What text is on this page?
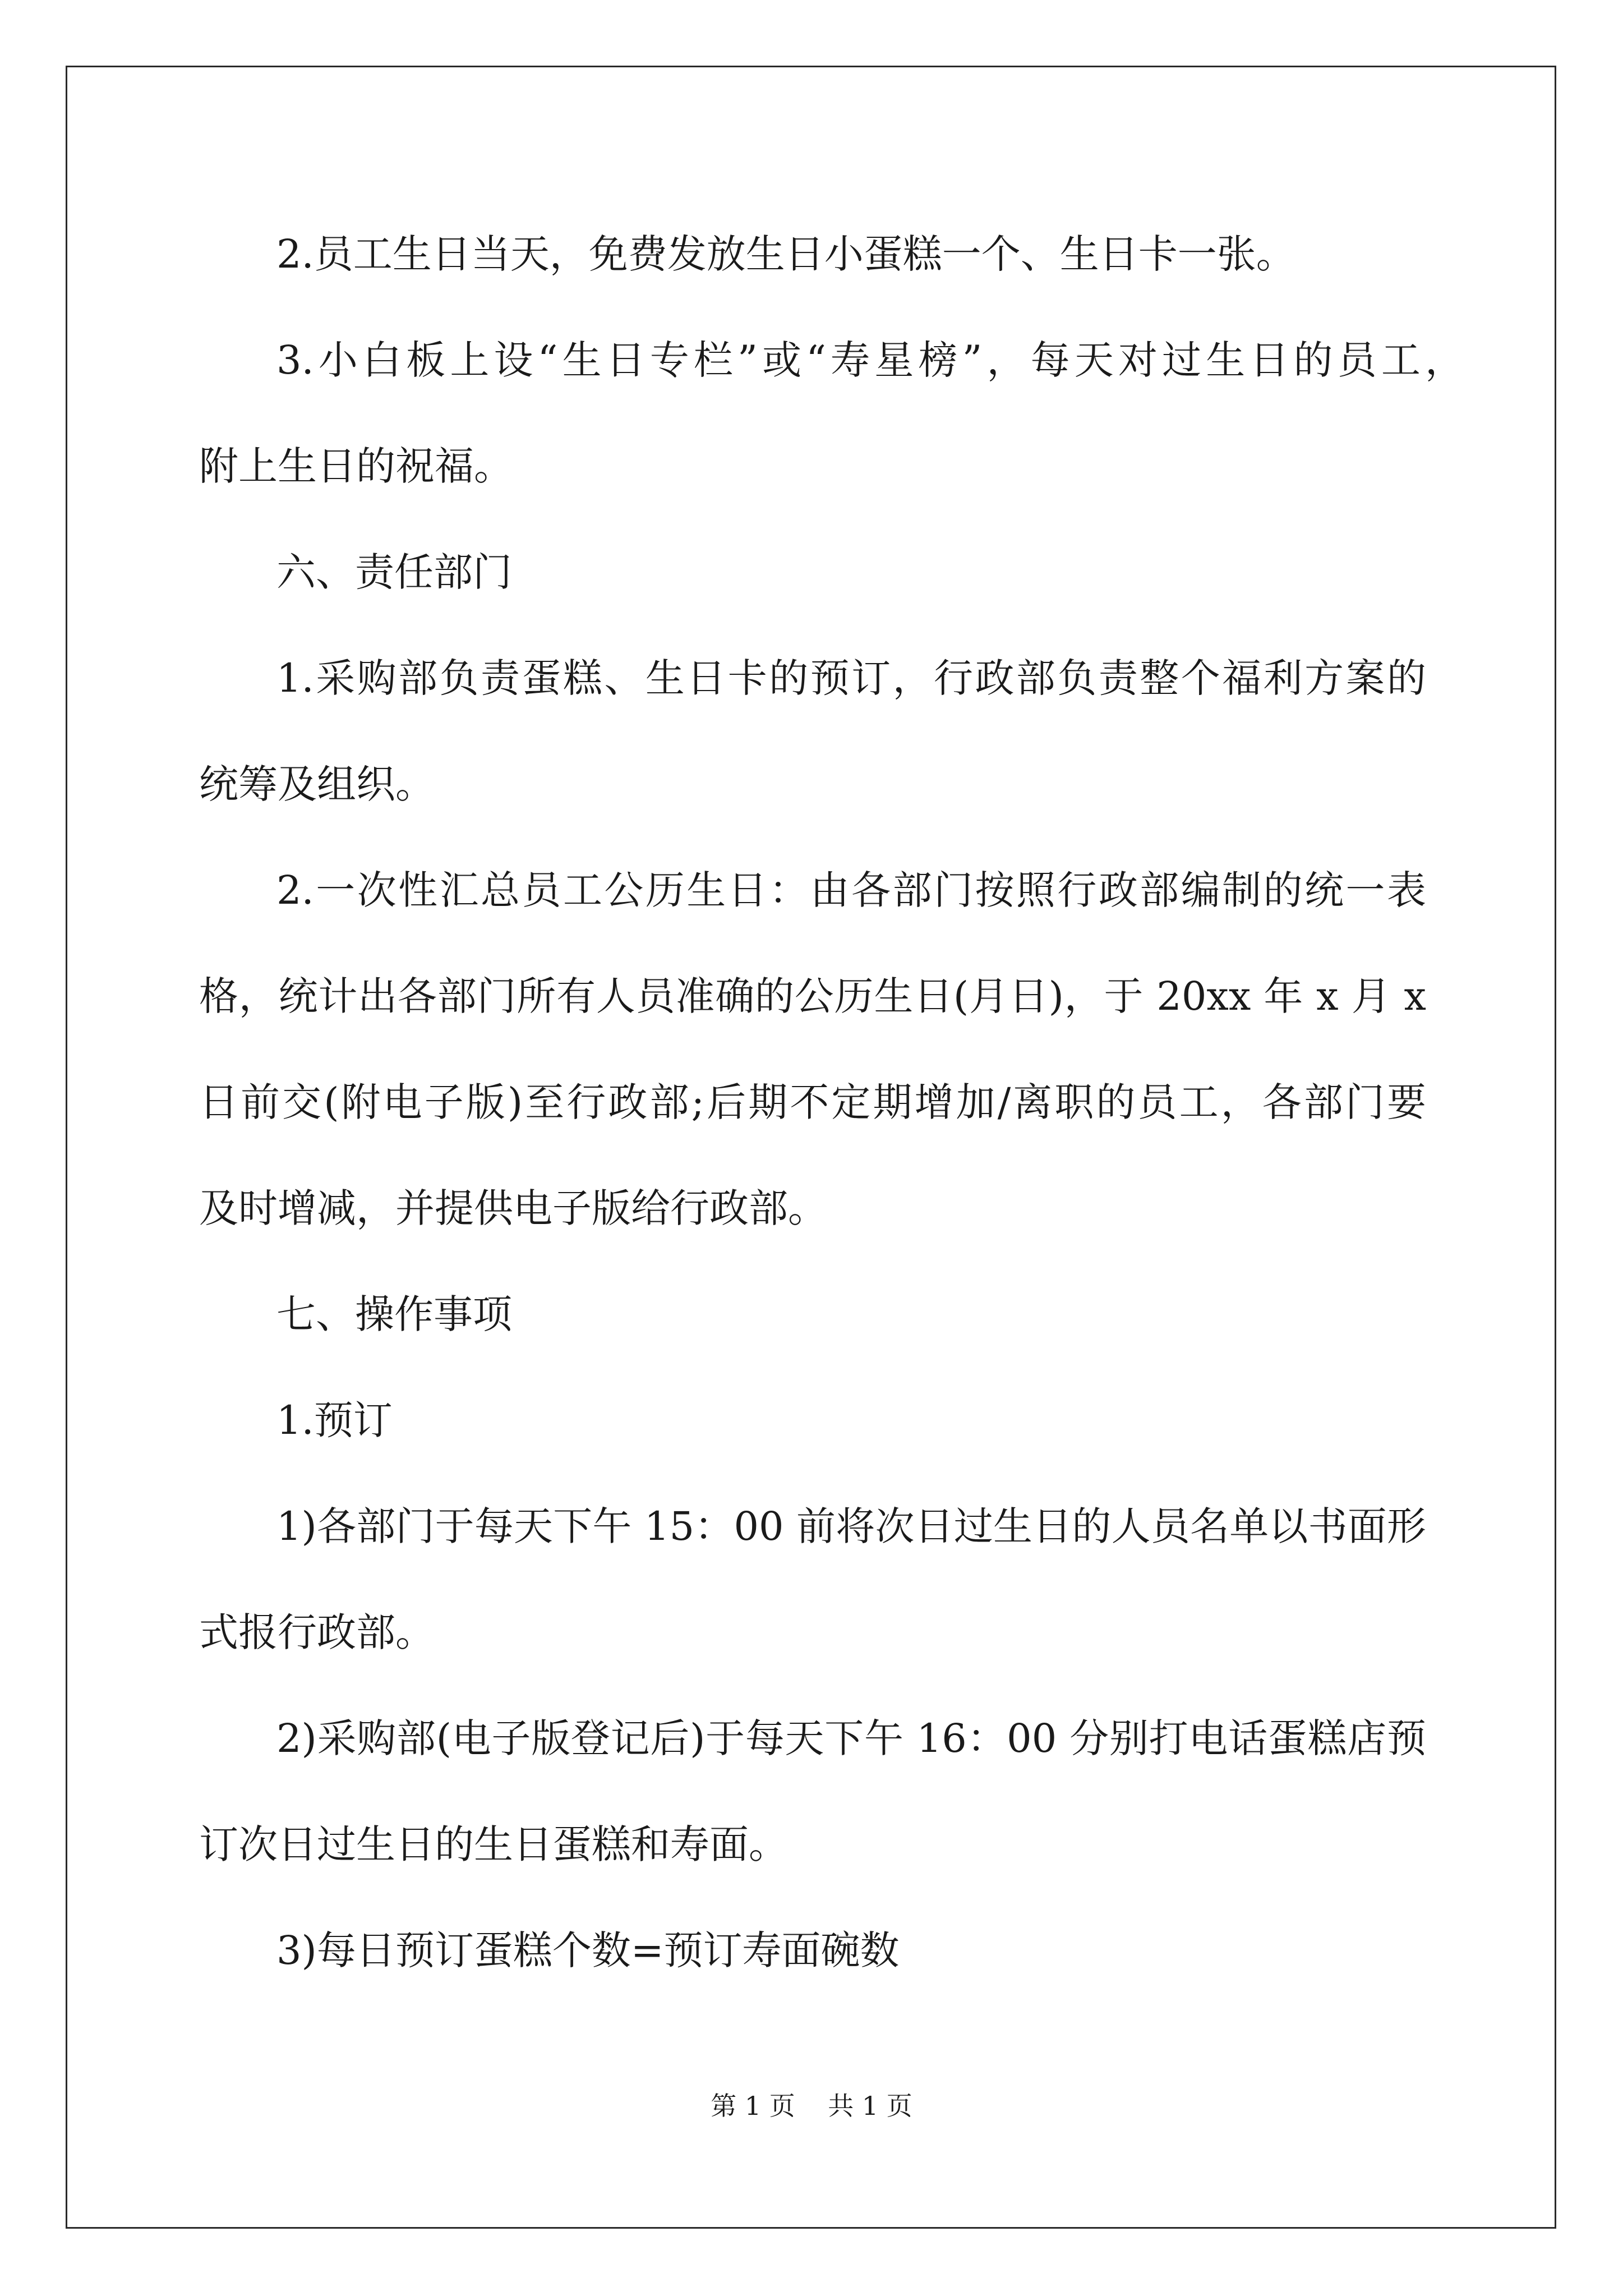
2.员工生日当天，免费发放生日小蛋糕一个、生日卡一张。
3.小白板上设“生日专栏”或“寿星榜”，每天对过生日的员工，
附上生日的祝福。
六、责任部门
1.采购部负责蛋糕、生日卡的预订，行政部负责整个福利方案的
统筹及组织。
2.一次性汇总员工公历生日：由各部门按照行政部编制的统一表
格，统计出各部门所有人员准确的公历生日(月日)，于 20xx 年 x 月 x
日前交(附电子版)至行政部;后期不定期增加/离职的员工，各部门要
及时增减，并提供电子版给行政部。
七、操作事项
1.预订
1)各部门于每天下午 15：00 前将次日过生日的人员名单以书面形
式报行政部。
2)采购部(电子版登记后)于每天下午 16：00 分别打电话蛋糕店预
订次日过生日的生日蛋糕和寿面。
3)每日预订蛋糕个数=预订寿面碗数
第 1 页    共 1 页
